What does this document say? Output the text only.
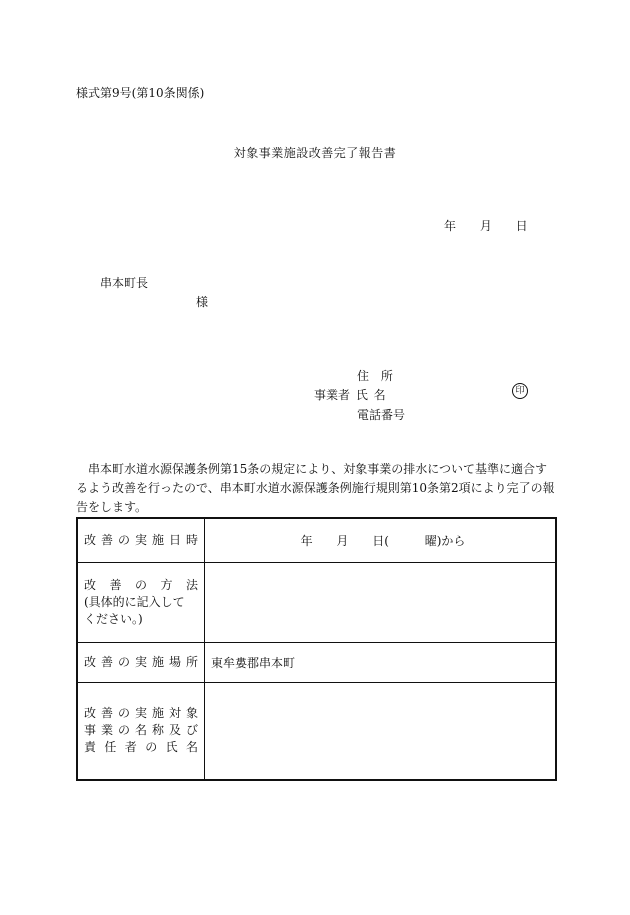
様式第9号(第10条関係)
対象事業施設改善完了報告書
年 月 日
串本町長
様
住 所
事業者 氏 名	印
電話番号
串本町水道水源保護条例第15条の規定により、対象事業の排水について基準に適合するよう改善を行ったので、串本町水道水源保護条例施行規則第10条第2項により完了の報告をします。
改善の実施日時	年 月 日(　 曜)から

改善の方法
(具体的に記入して
ください。)	

改善の実施場所	東牟婁郡串本町

改善の実施対象
事業の名称及び
責任者の氏名	
